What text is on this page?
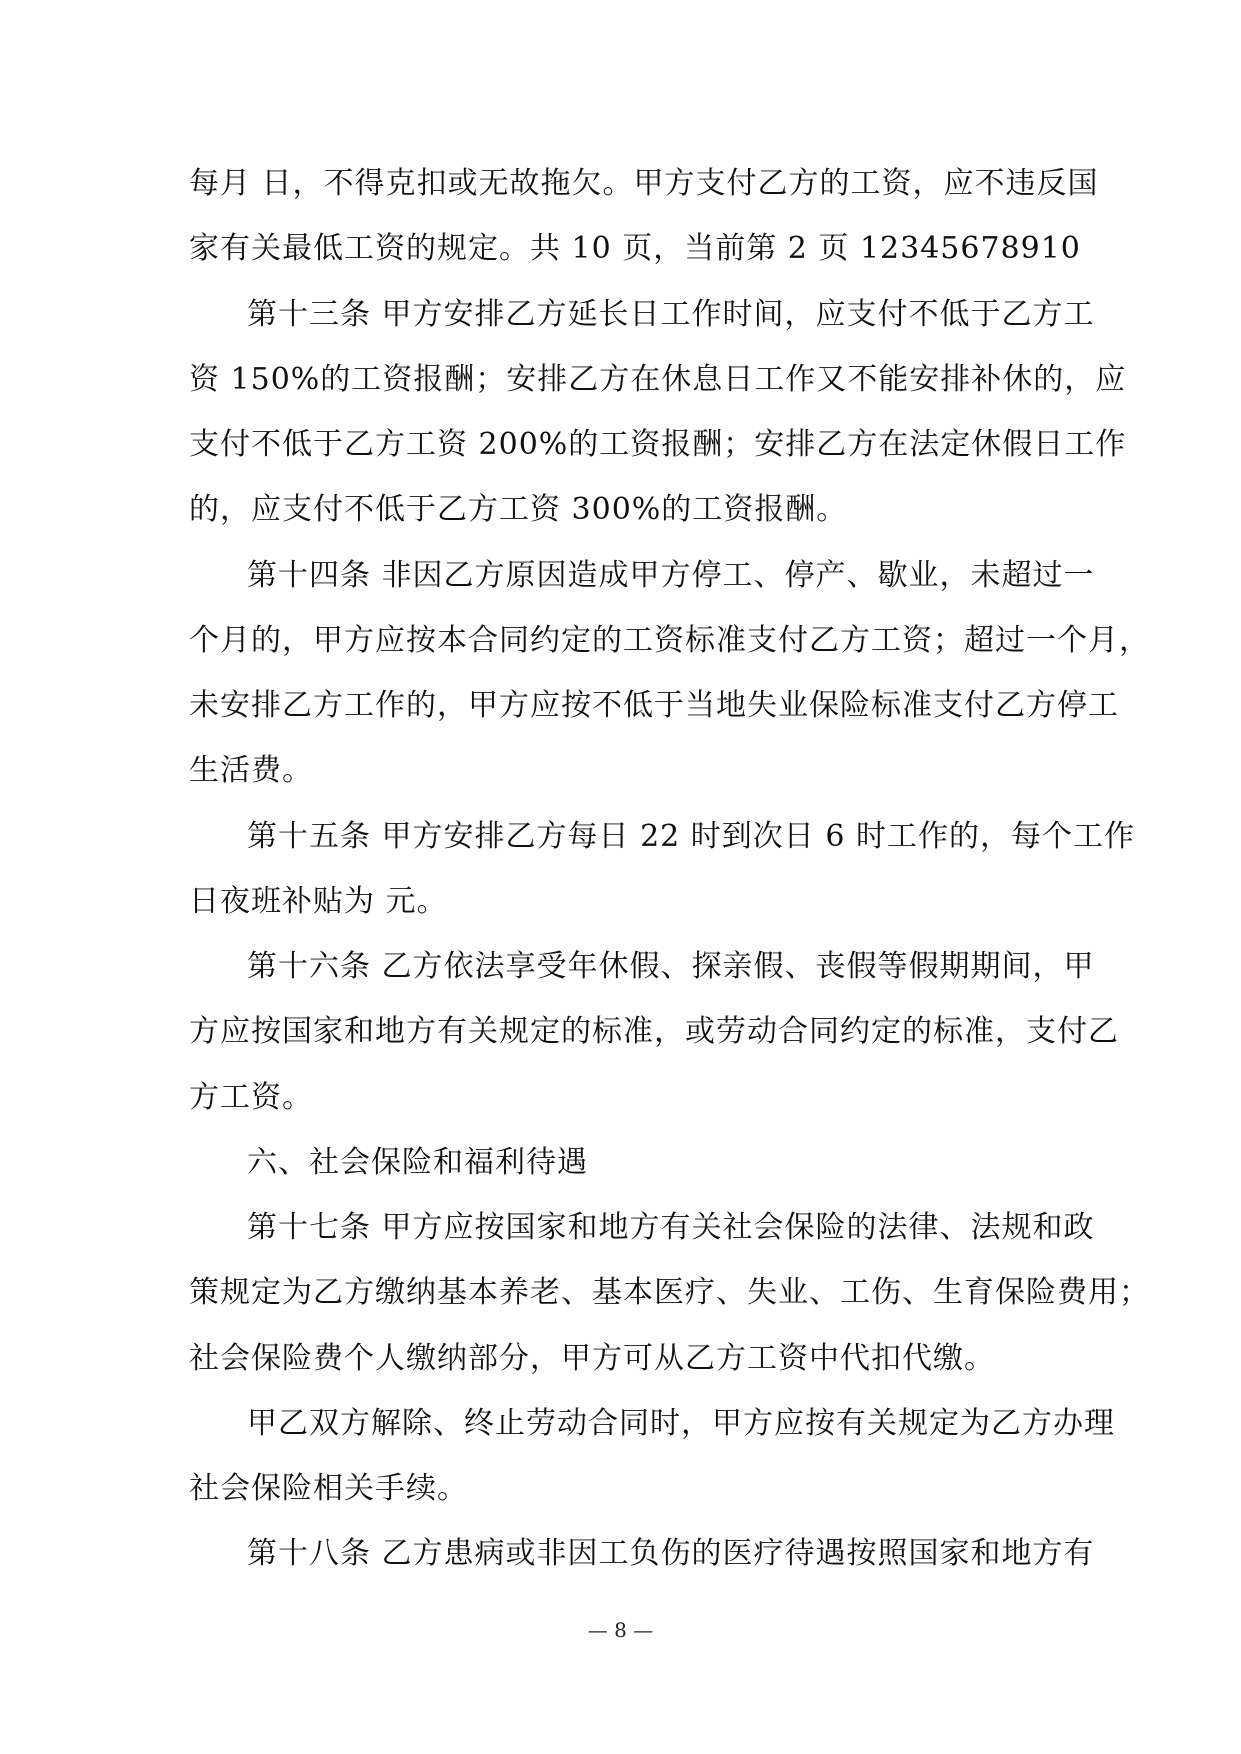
每月 日，不得克扣或无故拖欠。甲方支付乙方的工资，应不违反国
家有关最低工资的规定。共 10 页，当前第 2 页 12345678910
第十三条 甲方安排乙方延长日工作时间，应支付不低于乙方工
资 150%的工资报酬；安排乙方在休息日工作又不能安排补休的，应
支付不低于乙方工资 200%的工资报酬；安排乙方在法定休假日工作
的，应支付不低于乙方工资 300%的工资报酬。
第十四条 非因乙方原因造成甲方停工、停产、歇业，未超过一
个月的，甲方应按本合同约定的工资标准支付乙方工资；超过一个月，
未安排乙方工作的，甲方应按不低于当地失业保险标准支付乙方停工
生活费。
第十五条 甲方安排乙方每日 22 时到次日 6 时工作的，每个工作
日夜班补贴为 元。
第十六条 乙方依法享受年休假、探亲假、丧假等假期期间，甲
方应按国家和地方有关规定的标准，或劳动合同约定的标准，支付乙
方工资。
六、社会保险和福利待遇
第十七条 甲方应按国家和地方有关社会保险的法律、法规和政
策规定为乙方缴纳基本养老、基本医疗、失业、工伤、生育保险费用；
社会保险费个人缴纳部分，甲方可从乙方工资中代扣代缴。
甲乙双方解除、终止劳动合同时，甲方应按有关规定为乙方办理
社会保险相关手续。
第十八条 乙方患病或非因工负伤的医疗待遇按照国家和地方有
— 8 —
